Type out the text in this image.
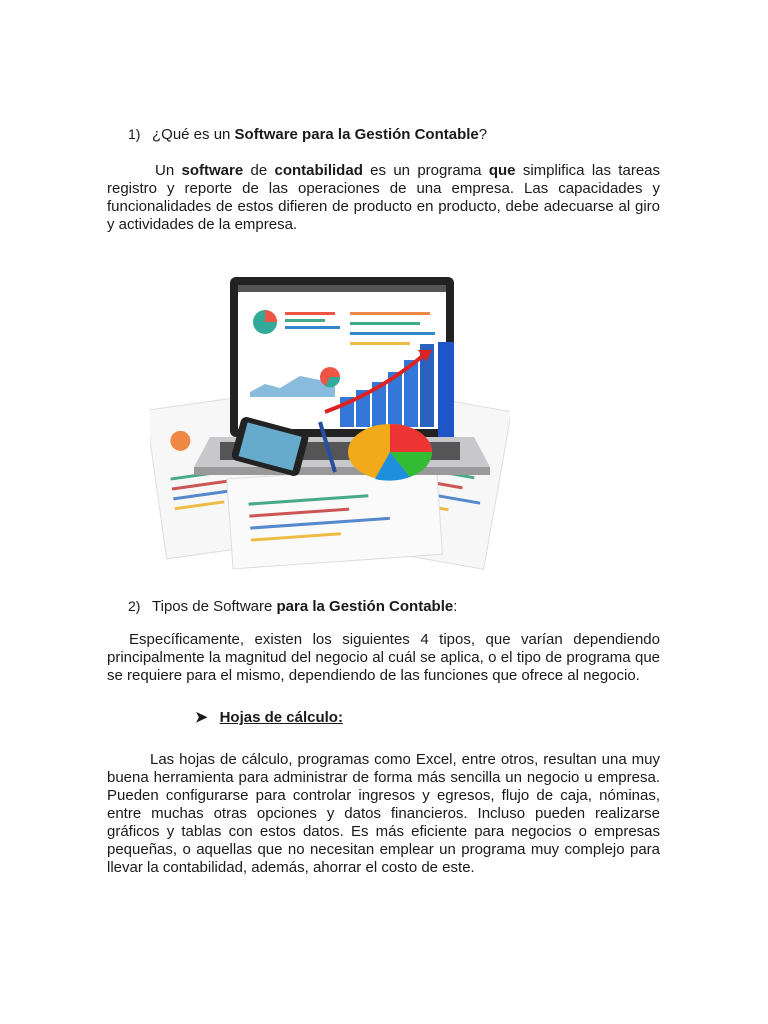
1) ¿Qué es un Software para la Gestión Contable?
Un software de contabilidad es un programa que simplifica las tareas
registro y reporte de las operaciones de una empresa. Las capacidades y
funcionalidades de estos difieren de producto en producto, debe adecuarse al giro
y actividades de la empresa.
2) Tipos de Software para la Gestión Contable:
Específicamente, existen los siguientes 4 tipos, que varían dependiendo
principalmente la magnitud del negocio al cuál se aplica, o el tipo de programa que
se requiere para el mismo, dependiendo de las funciones que ofrece al negocio.
➤ Hojas de cálculo:
Las hojas de cálculo, programas como Excel, entre otros, resultan una muy
buena herramienta para administrar de forma más sencilla un negocio u empresa.
Pueden configurarse para controlar ingresos y egresos, flujo de caja, nóminas,
entre muchas otras opciones y datos financieros. Incluso pueden realizarse
gráficos y tablas con estos datos. Es más eficiente para negocios o empresas
pequeñas, o aquellas que no necesitan emplear un programa muy complejo para
llevar la contabilidad, además, ahorrar el costo de este.
